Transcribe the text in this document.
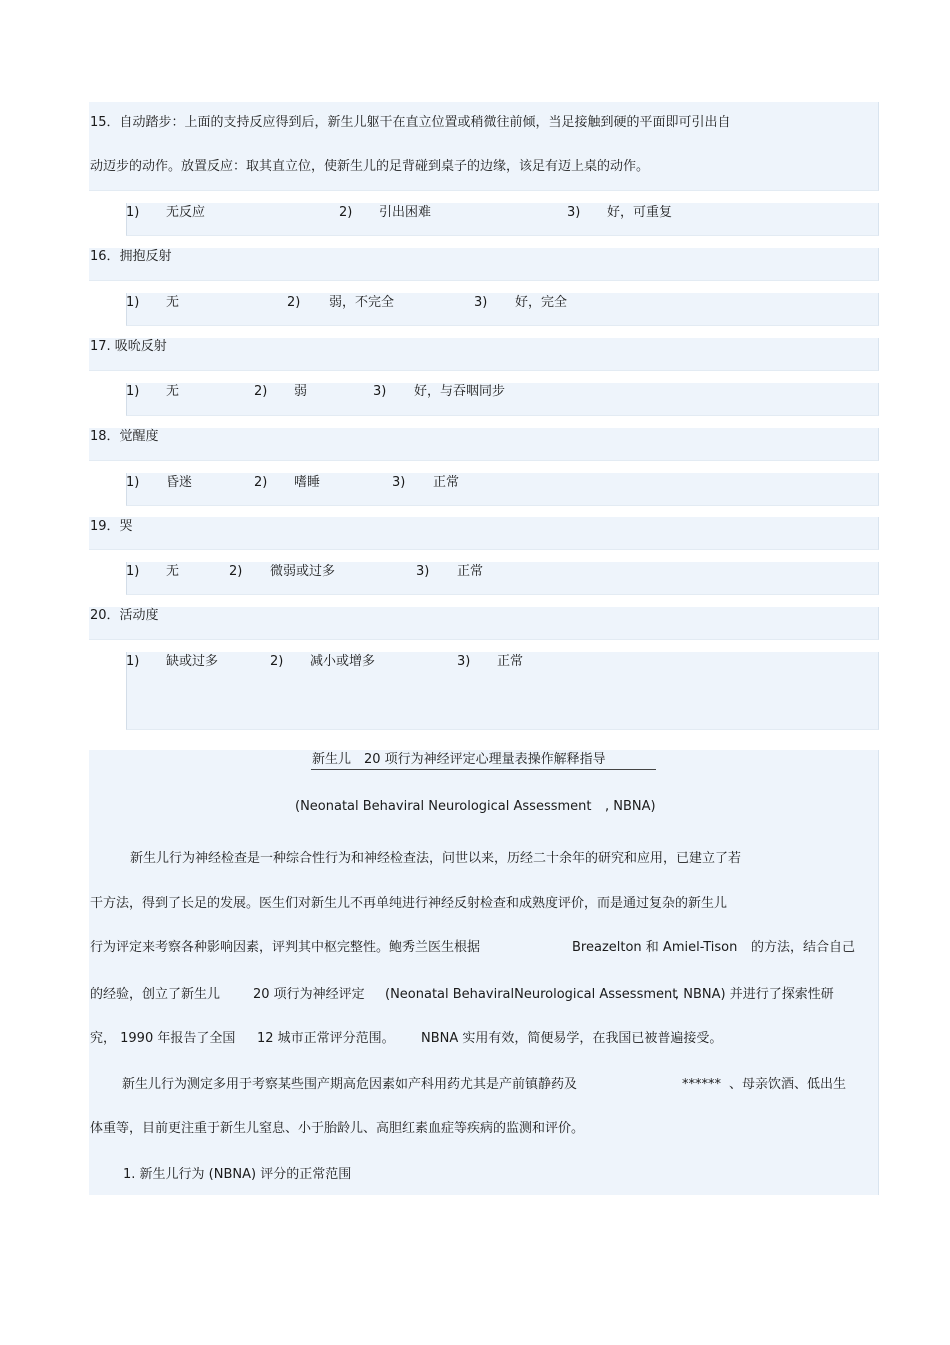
15．自动踏步：上面的支持反应得到后，新生儿躯干在直立位置或稍微往前倾，当足接触到硬的平面即可引出自
动迈步的动作。放置反应：取其直立位，使新生儿的足背碰到桌子的边缘，该足有迈上桌的动作。
1) 无反应	2) 引出困难	3) 好，可重复
16．拥抱反射
1) 无	2) 弱，不完全	3) 好，完全
17. 吸吮反射
1) 无	2) 弱	3) 好，与吞咽同步
18．觉醒度
1) 昏迷	2) 嗜睡	3) 正常
19．哭
1) 无	2) 微弱或过多	3) 正常
20．活动度
1) 缺或过多	2) 减小或增多	3) 正常
新生儿 20 项行为神经评定心理量表操作解释指导
(Neonatal Behaviral Neurological Assessment , NBNA)
新生儿行为神经检查是一种综合性行为和神经检查法，问世以来，历经二十余年的研究和应用，已建立了若
干方法，得到了长足的发展。医生们对新生儿不再单纯进行神经反射检查和成熟度评价，而是通过复杂的新生儿
行为评定来考察各种影响因素，评判其中枢完整性。鲍秀兰医生根据	Breazelton 和 Amiel-Tison 的方法，结合自己
的经验，创立了新生儿	20 项行为神经评定 (Neonatal BehaviralNeurological Assessment
, NBNA) 并进行了探索性研
究， 1990 年报告了全国 12 城市正常评分范围。 NBNA 实用有效，简便易学，在我国已被普遍接受。
新生儿行为测定多用于考察某些围产期高危因素如产科用药尤其是产前镇静药及	****** 、母亲饮酒、低出生
体重等，目前更注重于新生儿窒息、小于胎龄儿、高胆红素血症等疾病的监测和评价。
1. 新生儿行为 (NBNA) 评分的正常范围
